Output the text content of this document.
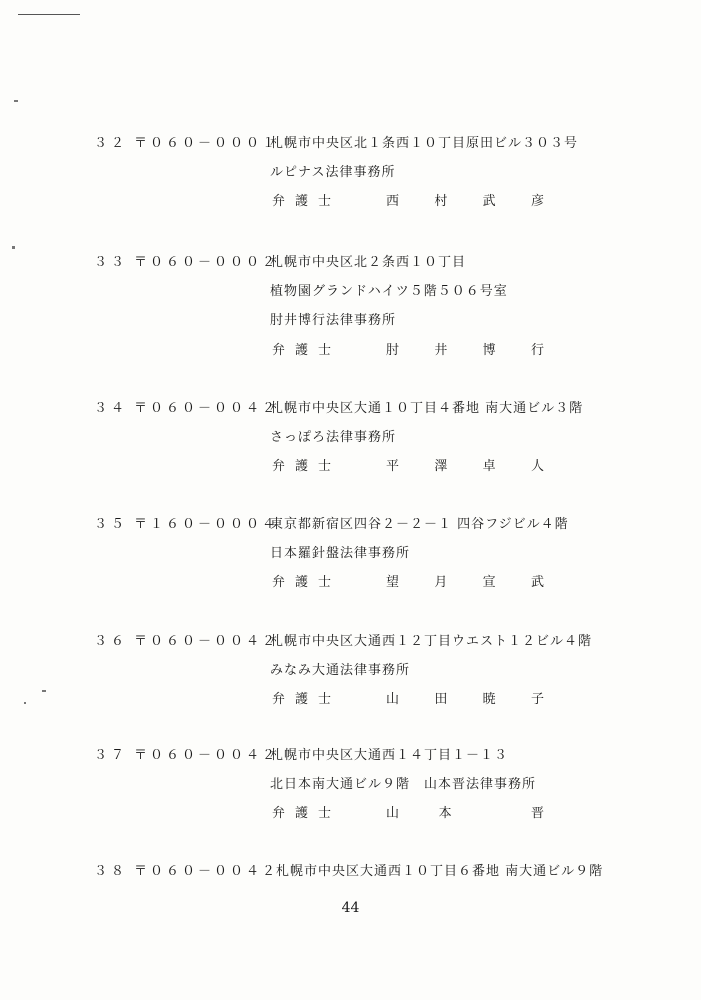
３２ 〒０６０－０００１
札幌市中央区北１条西１０丁目原田ビル３０３号
ルピナス法律事務所
弁護士	西	村	武	彦
３３ 〒０６０－０００２
札幌市中央区北２条西１０丁目
植物園グランドハイツ５階５０６号室
肘井博行法律事務所
弁護士	肘	井	博	行
３４ 〒０６０－００４２
札幌市中央区大通１０丁目４番地 南大通ビル３階
さっぽろ法律事務所
弁護士	平	澤	卓	人
３５ 〒１６０－０００４
東京都新宿区四谷２－２－１ 四谷フジビル４階
日本羅針盤法律事務所
弁護士	望	月	宣	武
３６ 〒０６０－００４２
札幌市中央区大通西１２丁目ウエスト１２ビル４階
みなみ大通法律事務所
弁護士	山	田	暁	子
３７ 〒０６０－００４２
札幌市中央区大通西１４丁目１－１３
北日本南大通ビル９階　山本晋法律事務所
弁護士	山	本	晋
３８ 〒０６０－００４２
札幌市中央区大通西１０丁目６番地 南大通ビル９階
44
